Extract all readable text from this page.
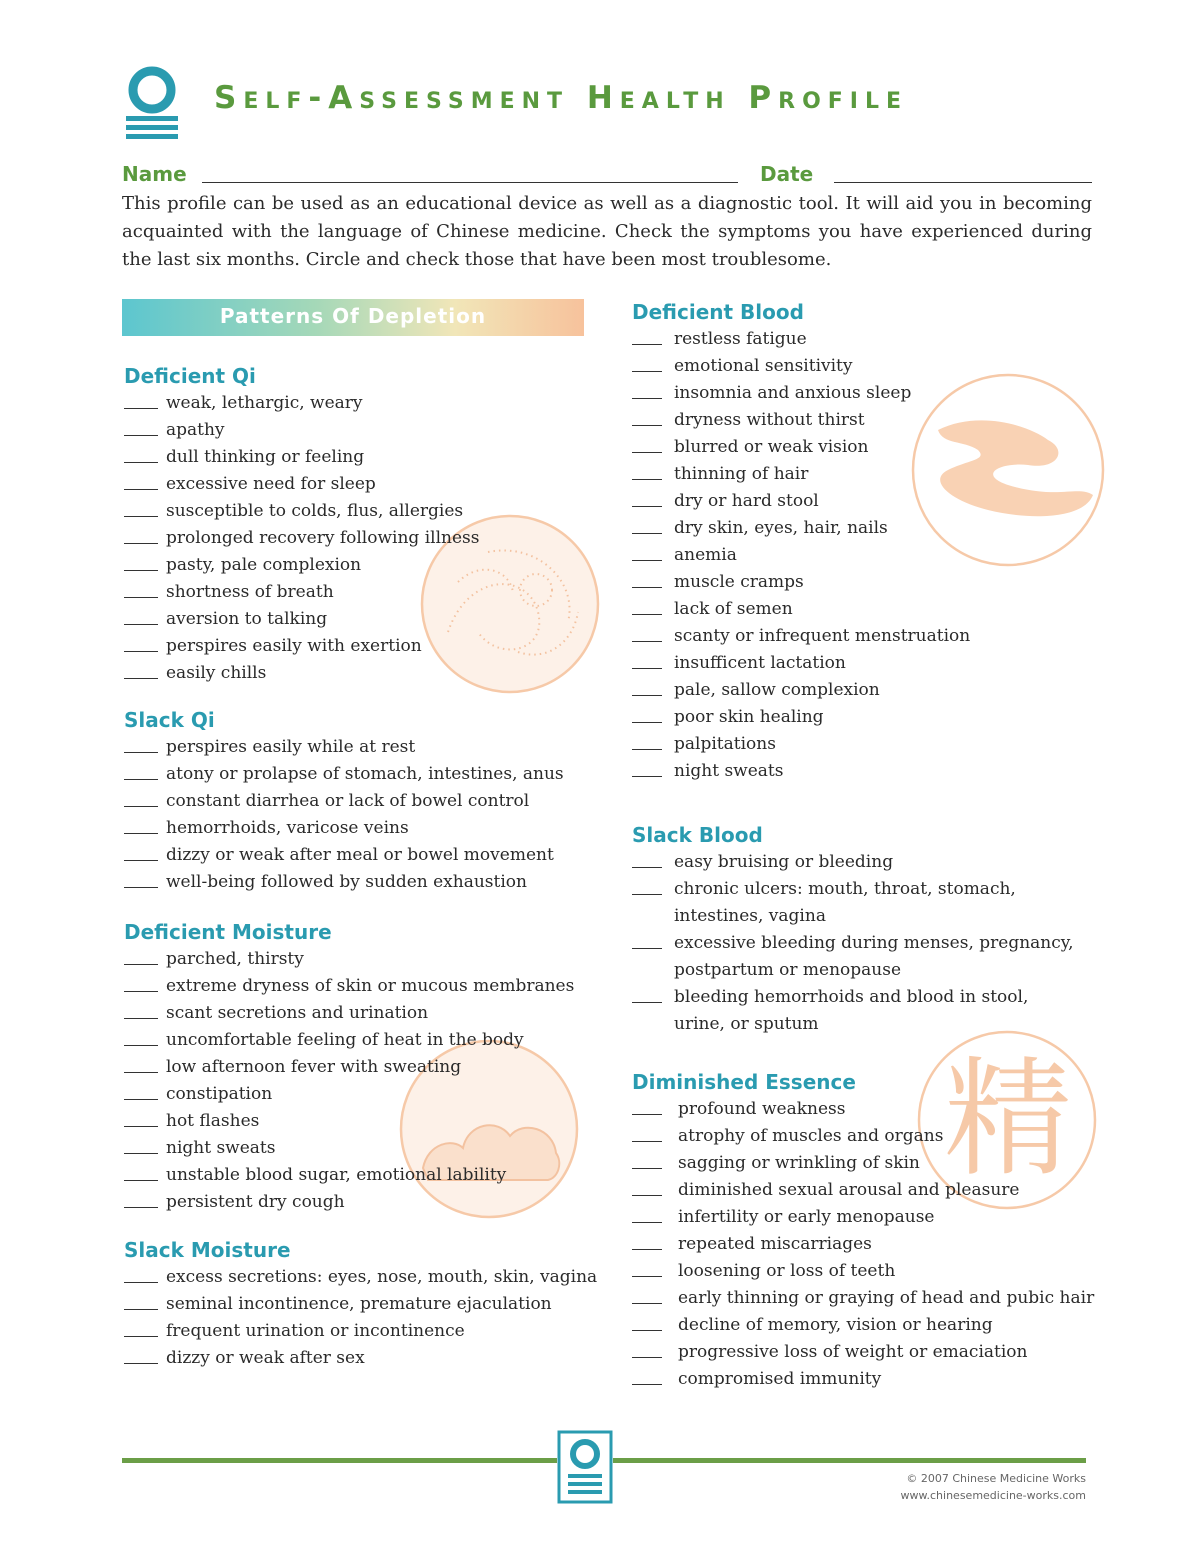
精
Self-Assessment Health Profile
Name	Date

This profile can be used as an educational device as well as a diagnostic tool. It will aid you in becoming acquainted with the language of Chinese medicine. Check the symptoms you have experienced during the last six months. Circle and check those that have been most troublesome.

Patterns Of Depletion
Deficient Qi
weak, lethargic, weary
apathy
dull thinking or feeling
excessive need for sleep
susceptible to colds, flus, allergies
prolonged recovery following illness
pasty, pale complexion
shortness of breath
aversion to talking
perspires easily with exertion
easily chills
Slack Qi
perspires easily while at rest
atony or prolapse of stomach, intestines, anus
constant diarrhea or lack of bowel control
hemorrhoids, varicose veins
dizzy or weak after meal or bowel movement
well-being followed by sudden exhaustion
Deficient Moisture
parched, thirsty
extreme dryness of skin or mucous membranes
scant secretions and urination
uncomfortable feeling of heat in the body
low afternoon fever with sweating
constipation
hot flashes
night sweats
unstable blood sugar, emotional lability
persistent dry cough
Slack Moisture
excess secretions: eyes, nose, mouth, skin, vagina
seminal incontinence, premature ejaculation
frequent urination or incontinence
dizzy or weak after sex
Deficient Blood
restless fatigue
emotional sensitivity
insomnia and anxious sleep
dryness without thirst
blurred or weak vision
thinning of hair
dry or hard stool
dry skin, eyes, hair, nails
anemia
muscle cramps
lack of semen
scanty or infrequent menstruation
insufficent lactation
pale, sallow complexion
poor skin healing
palpitations
night sweats
Slack Blood
easy bruising or bleeding
chronic ulcers: mouth, throat, stomach, intestines, vagina
excessive bleeding during menses, pregnancy, postpartum or menopause
bleeding hemorrhoids and blood in stool, urine, or sputum
Diminished Essence
profound weakness
atrophy of muscles and organs
sagging or wrinkling of skin
diminished sexual arousal and pleasure
infertility or early menopause
repeated miscarriages
loosening or loss of teeth
early thinning or graying of head and pubic hair
decline of memory, vision or hearing
progressive loss of weight or emaciation
compromised immunity
© 2007 Chinese Medicine Works
www.chinesemedicine-works.com
